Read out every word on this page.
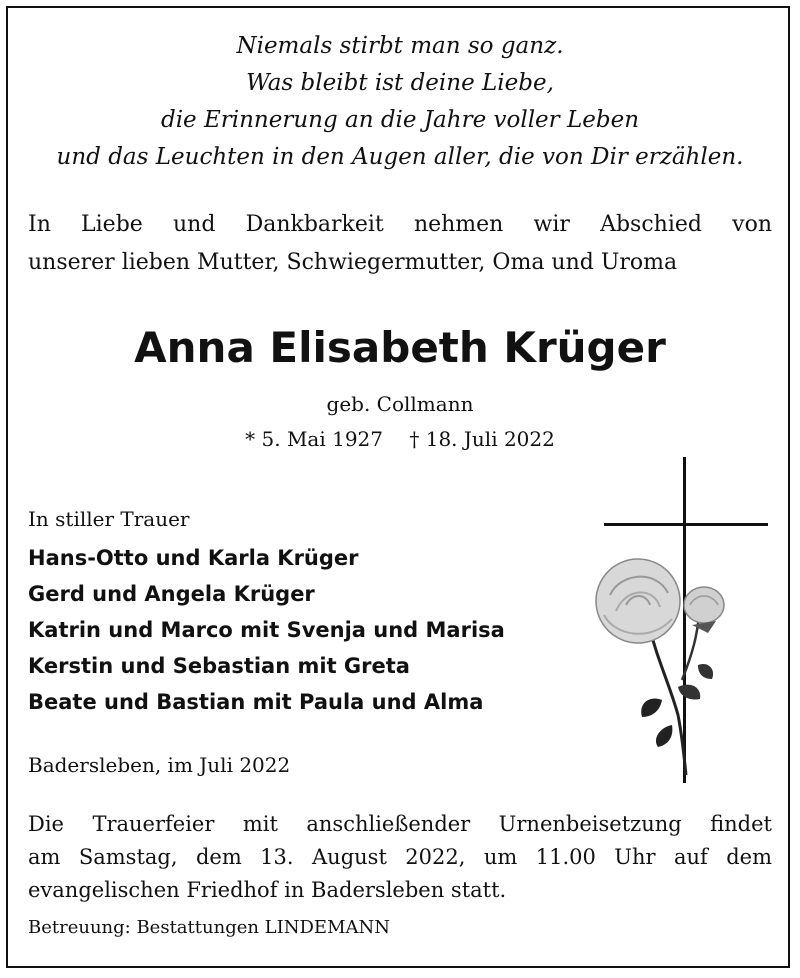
Niemals stirbt man so ganz.
Was bleibt ist deine Liebe,
die Erinnerung an die Jahre voller Leben
und das Leuchten in den Augen aller, die von Dir erzählen.
In Liebe und Dankbarkeit nehmen wir Abschied von
unserer lieben Mutter, Schwiegermutter, Oma und Uroma
Anna Elisabeth Krüger
geb. Collmann
* 5. Mai 1927 † 18. Juli 2022
In stiller Trauer
Hans-Otto und Karla Krüger
Gerd und Angela Krüger
Katrin und Marco mit Svenja und Marisa
Kerstin und Sebastian mit Greta
Beate und Bastian mit Paula und Alma
Badersleben, im Juli 2022
Die Trauerfeier mit anschließender Urnenbeisetzung findet
am Samstag, dem 13. August 2022, um 11.00 Uhr auf dem
evangelischen Friedhof in Badersleben statt.
Betreuung: Bestattungen LINDEMANN
